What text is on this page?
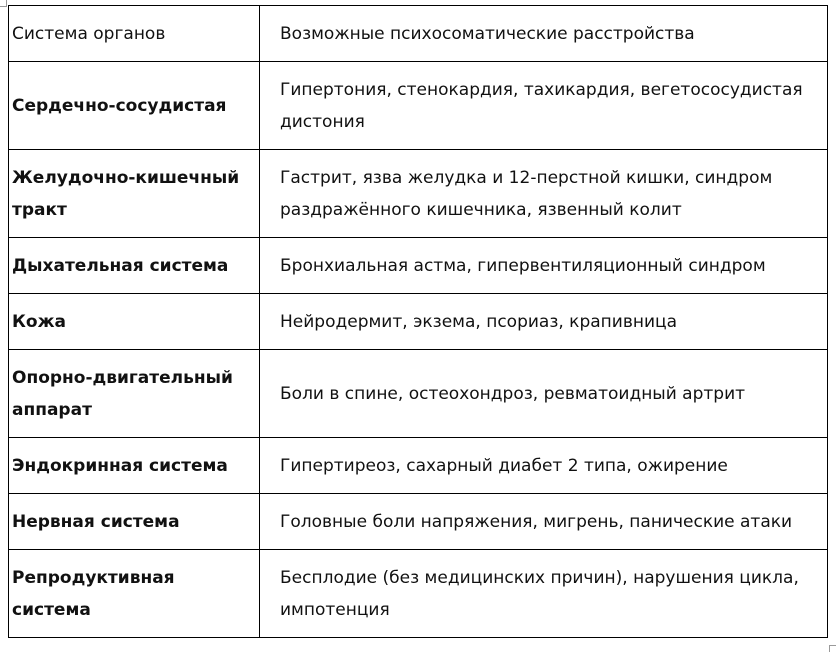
Система органов	Возможные психосоматические расстройства
Сердечно-сосудистая	Гипертония, стенокардия, тахикардия, вегетососудистая дистония
Желудочно-кишечный тракт	Гастрит, язва желудка и 12-перстной кишки, синдром раздражённого кишечника, язвенный колит
Дыхательная система	Бронхиальная астма, гипервентиляционный синдром
Кожа	Нейродермит, экзема, псориаз, крапивница
Опорно-двигательный аппарат	Боли в спине, остеохондроз, ревматоидный артрит
Эндокринная система	Гипертиреоз, сахарный диабет 2 типа, ожирение
Нервная система	Головные боли напряжения, мигрень, панические атаки
Репродуктивная система	Бесплодие (без медицинских причин), нарушения цикла, импотенция
